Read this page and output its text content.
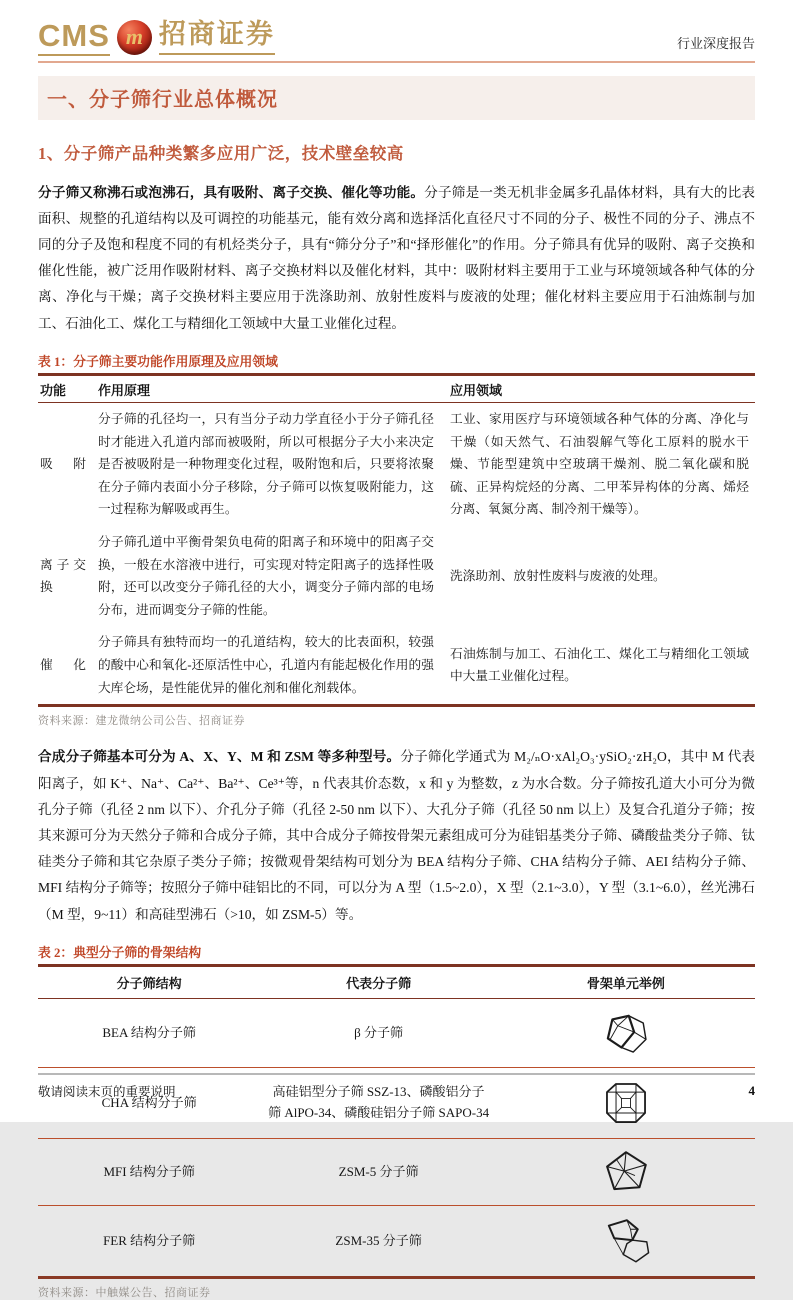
CMS m 招商证券	行业深度报告
一、分子筛行业总体概况
1、分子筛产品种类繁多应用广泛，技术壁垒较高

分子筛又称沸石或泡沸石，具有吸附、离子交换、催化等功能。分子筛是一类无机非金属多孔晶体材料，具有大的比表面积、规整的孔道结构以及可调控的功能基元，能有效分离和选择活化直径尺寸不同的分子、极性不同的分子、沸点不同的分子及饱和程度不同的有机烃类分子，具有“筛分分子”和“择形催化”的作用。分子筛具有优异的吸附、离子交换和催化性能，被广泛用作吸附材料、离子交换材料以及催化材料，其中：吸附材料主要用于工业与环境领域各种气体的分离、净化与干燥；离子交换材料主要应用于洗涤助剂、放射性废料与废液的处理；催化材料主要应用于石油炼制与加工、石油化工、煤化工与精细化工领域中大量工业催化过程。

表 1：分子筛主要功能作用原理及应用领域
功能	作用原理	应用领域
吸附	分子筛的孔径均一，只有当分子动力学直径小于分子筛孔径时才能进入孔道内部而被吸附，所以可根据分子大小来决定是否被吸附是一种物理变化过程，吸附饱和后，只要将浓聚在分子筛内表面小分子移除，分子筛可以恢复吸附能力，这一过程称为解吸或再生。	工业、家用医疗与环境领域各种气体的分离、净化与干燥（如天然气、石油裂解气等化工原料的脱水干燥、节能型建筑中空玻璃干燥剂、脱二氧化碳和脱硫、正异构烷烃的分离、二甲苯异构体的分离、烯烃分离、氧氮分离、制冷剂干燥等）。
离子交换	分子筛孔道中平衡骨架负电荷的阳离子和环境中的阳离子交换，一般在水溶液中进行，可实现对特定阳离子的选择性吸附，还可以改变分子筛孔径的大小，调变分子筛内部的电场分布，进而调变分子筛的性能。	洗涤助剂、放射性废料与废液的处理。
催化	分子筛具有独特而均一的孔道结构，较大的比表面积，较强的酸中心和氧化-还原活性中心，孔道内有能起极化作用的强大库仑场，是性能优异的催化剂和催化剂载体。	石油炼制与加工、石油化工、煤化工与精细化工领域中大量工业催化过程。
资料来源：建龙微纳公司公告、招商证券

合成分子筛基本可分为 A、X、Y、M 和 ZSM 等多种型号。分子筛化学通式为 M₂/ₙO·xAl₂O₃·ySiO₂·zH₂O，其中 M 代表阳离子，如 K⁺、Na⁺、Ca²⁺、Ba²⁺、Ce³⁺等，n 代表其价态数，x 和 y 为整数，z 为水合数。分子筛按孔道大小可分为微孔分子筛（孔径 2 nm 以下）、介孔分子筛（孔径 2-50 nm 以下）、大孔分子筛（孔径 50 nm 以上）及复合孔道分子筛；按其来源可分为天然分子筛和合成分子筛，其中合成分子筛按骨架元素组成可分为硅铝基类分子筛、磷酸盐类分子筛、钛硅类分子筛和其它杂原子类分子筛；按微观骨架结构可划分为 BEA 结构分子筛、CHA 结构分子筛、AEI 结构分子筛、MFI 结构分子筛等；按照分子筛中硅铝比的不同，可以分为 A 型（1.5~2.0），X 型（2.1~3.0），Y 型（3.1~6.0），丝光沸石（M 型，9~11）和高硅型沸石（>10，如 ZSM-5）等。

表 2：典型分子筛的骨架结构
分子筛结构	代表分子筛	骨架单元举例
BEA 结构分子筛	β 分子筛	
CHA 结构分子筛	高硅铝型分子筛 SSZ-13、磷酸铝分子筛 AlPO-34、磷酸硅铝分子筛 SAPO-34	
MFI 结构分子筛	ZSM-5 分子筛	
FER 结构分子筛	ZSM-35 分子筛	
资料来源：中触媒公告、招商证券
敬请阅读末页的重要说明	4
